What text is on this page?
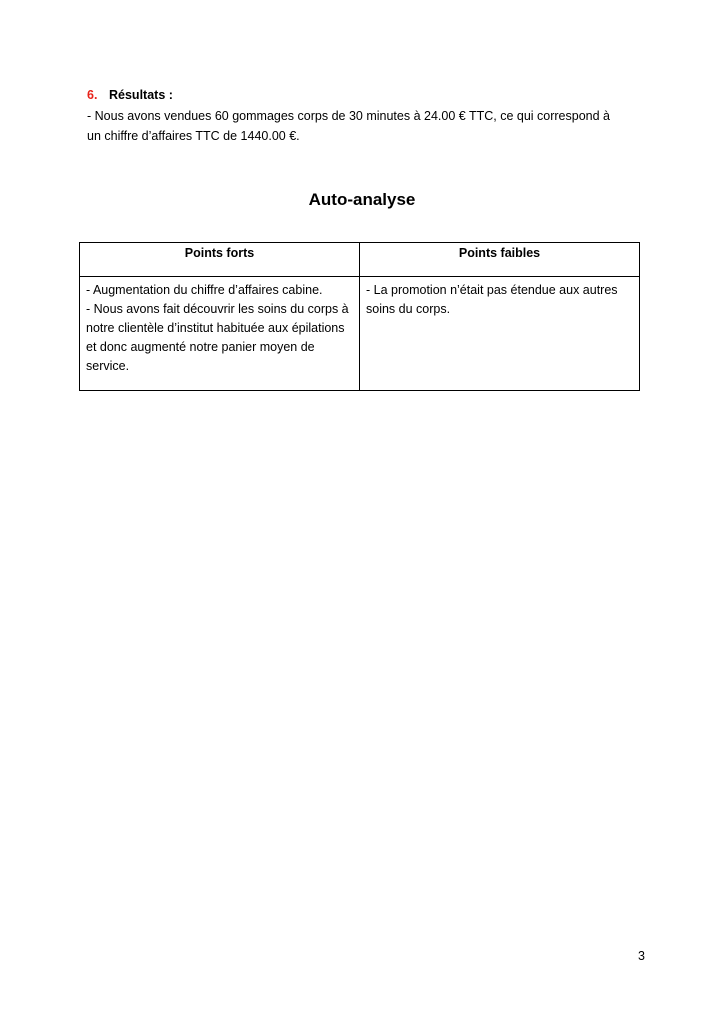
6. Résultats :

- Nous avons vendues 60 gommages corps de 30 minutes à 24.00 € TTC, ce qui correspond à

un chiffre d’affaires TTC de 1440.00 €.

Auto-analyse
Points forts	Points faibles

- Augmentation du chiffre d’affaires cabine.

- Nous avons fait découvrir les soins du corps à notre clientèle d’institut habituée aux épilations et donc augmenté notre panier moyen de service.	- La promotion n’était pas étendue aux autres soins du corps.

3
